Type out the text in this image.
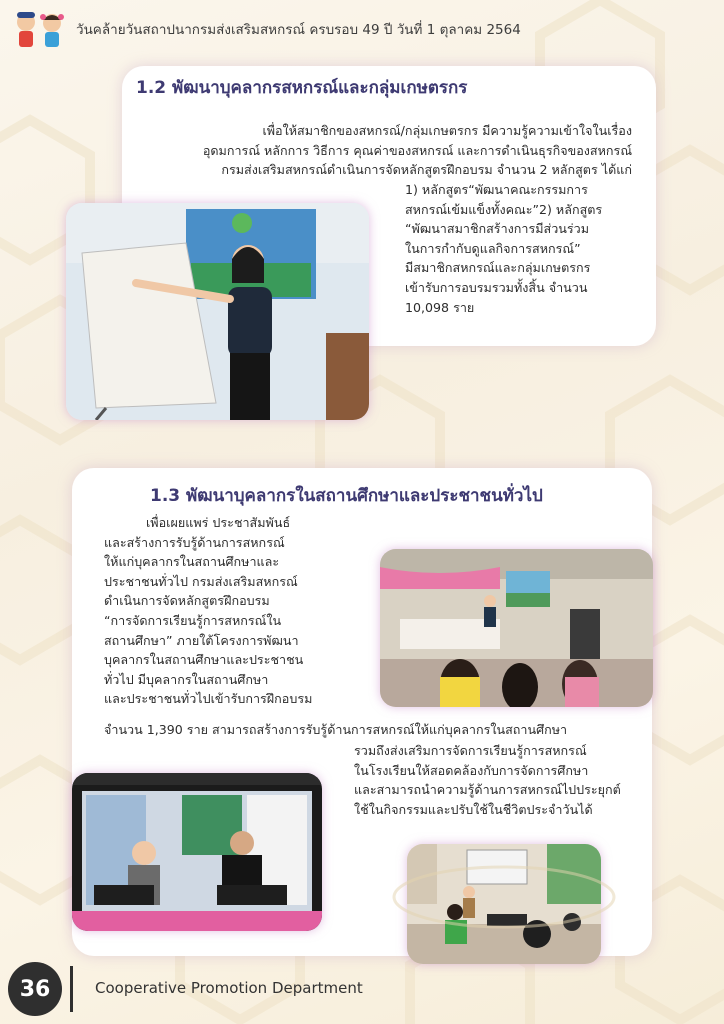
วันคล้ายวันสถาปนากรมส่งเสริมสหกรณ์ ครบรอบ 49 ปี วันที่ 1 ตุลาคม 2564
1.2 พัฒนาบุคลากรสหกรณ์และกลุ่มเกษตรกร
เพื่อให้สมาชิกของสหกรณ์/กลุ่มเกษตรกร มีความรู้ความเข้าใจในเรื่อง
อุดมการณ์ หลักการ วิธีการ คุณค่าของสหกรณ์ และการดำเนินธุรกิจของสหกรณ์
กรมส่งเสริมสหกรณ์ดำเนินการจัดหลักสูตรฝึกอบรม จำนวน 2 หลักสูตร ได้แก่
1) หลักสูตร“พัฒนาคณะกรรมการ
สหกรณ์เข้มแข็งทั้งคณะ”2) หลักสูตร
“พัฒนาสมาชิกสร้างการมีส่วนร่วม
ในการกำกับดูแลกิจการสหกรณ์”
มีสมาชิกสหกรณ์และกลุ่มเกษตรกร
เข้ารับการอบรมรวมทั้งสิ้น จำนวน
10,098 ราย
1.3 พัฒนาบุคลากรในสถานศึกษาและประชาชนทั่วไป
เพื่อเผยแพร่ ประชาสัมพันธ์
และสร้างการรับรู้ด้านการสหกรณ์
ให้แก่บุคลากรในสถานศึกษาและ
ประชาชนทั่วไป กรมส่งเสริมสหกรณ์
ดำเนินการจัดหลักสูตรฝึกอบรม
“การจัดการเรียนรู้การสหกรณ์ใน
สถานศึกษา” ภายใต้โครงการพัฒนา
บุคลากรในสถานศึกษาและประชาชน
ทั่วไป มีบุคลากรในสถานศึกษา
และประชาชนทั่วไปเข้ารับการฝึกอบรม
จำนวน 1,390 ราย สามารถสร้างการรับรู้ด้านการสหกรณ์ให้แก่บุคลากรในสถานศึกษา
รวมถึงส่งเสริมการจัดการเรียนรู้การสหกรณ์
ในโรงเรียนให้สอดคล้องกับการจัดการศึกษา
และสามารถนำความรู้ด้านการสหกรณ์ไปประยุกต์
ใช้ในกิจกรรมและปรับใช้ในชีวิตประจำวันได้
36	Cooperative Promotion Department
